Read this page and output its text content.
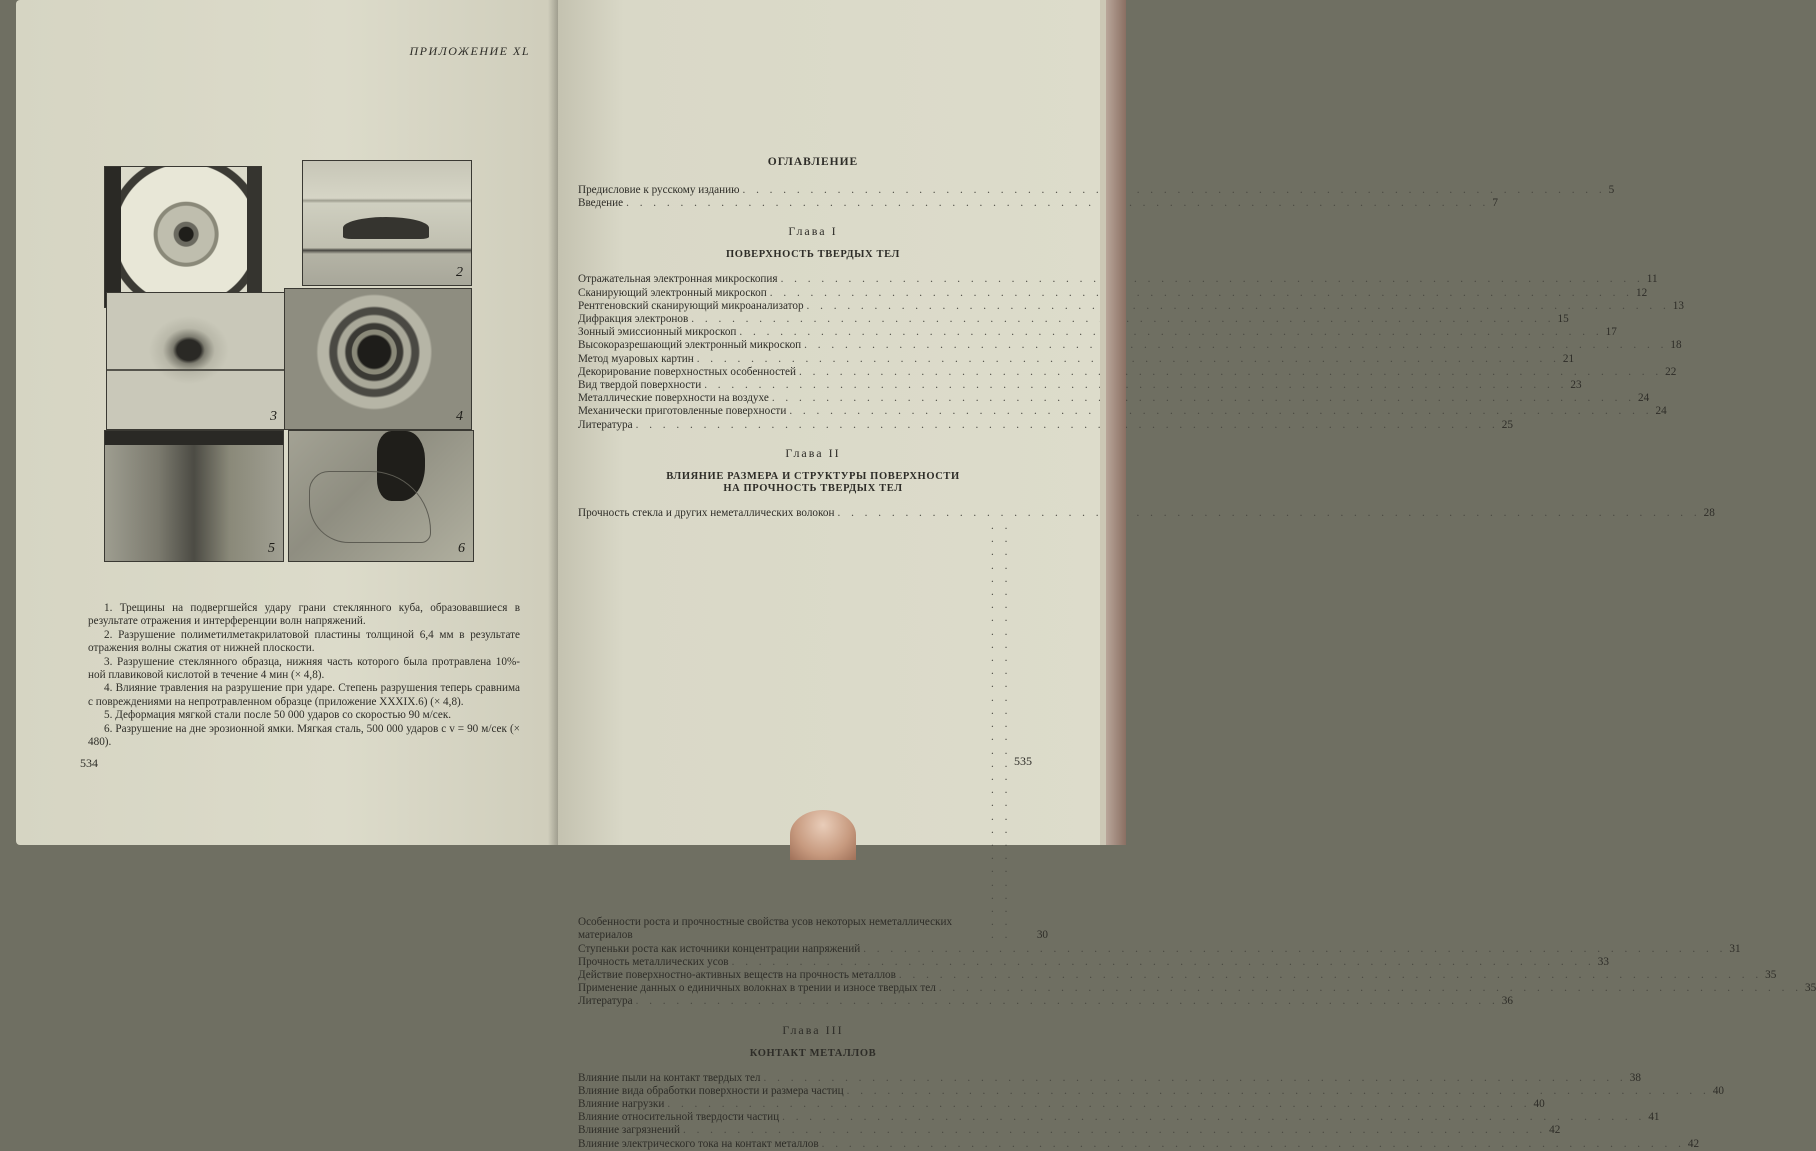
ПРИЛОЖЕНИЕ XL
2
3	4
5	6

1. Трещины на подвергшейся удару грани стеклянного куба, образовавшиеся в результате отражения и интерференции волн напряжений.

2. Разрушение полиметилметакрилатовой пластины толщиной 6,4 мм в результате отражения волны сжатия от нижней плоскости.

3. Разрушение стеклянного образца, нижняя часть которого была протравлена 10%-ной плавиковой кислотой в течение 4 мин (× 4,8).

4. Влияние травления на разрушение при ударе. Степень разрушения теперь сравнима с повреждениями на непротравленном образце (приложение XXXIX.6) (× 4,8).

5. Деформация мягкой стали после 50 000 ударов со скоростью 90 м/сек.

6. Разрушение на дне эрозионной ямки. Мягкая сталь, 500 000 ударов с v = 90 м/сек (× 480).

534
ОГЛАВЛЕНИЕ
Предисловие к русскому изданию . . .	5
Введение . . .	7
Глава I
ПОВЕРХНОСТЬ ТВЕРДЫХ ТЕЛ
Отражательная электронная микроскопия . . .	11
Сканирующий электронный микроскоп . . .	12
Рентгеновский сканирующий микроанализатор . . .	13
Дифракция электронов . . .	15
Зонный эмиссионный микроскоп . . .	17
Высокоразрешающий электронный микроскоп . . .	18
Метод муаровых картин . . .	21
Декорирование поверхностных особенностей . . .	22
Вид твердой поверхности . . .	23
Металлические поверхности на воздухе . . .	24
Механически приготовленные поверхности . . .	24
Литература . . .	25
Глава II
ВЛИЯНИЕ РАЗМЕРА И СТРУКТУРЫ ПОВЕРХНОСТИ
НА ПРОЧНОСТЬ ТВЕРДЫХ ТЕЛ
Прочность стекла и других неметаллических волокон . . .	28
Особенности роста и прочностные свойства усов некоторых неметаллических материалов . . .	30
Ступеньки роста как источники концентрации напряжений . . .	31
Прочность металлических усов . . .	33
Действие поверхностно-активных веществ на прочность металлов . . .	35
Применение данных о единичных волокнах в трении и износе твердых тел . . .	35
Литература . . .	36
Глава III
КОНТАКТ МЕТАЛЛОВ
Влияние пыли на контакт твердых тел . . .	38
Влияние вида обработки поверхности и размера частиц . . .	40
Влияние нагрузки . . .	40
Влияние относительной твердости частиц . . .	41
Влияние загрязнений . . .	42
Влияние электрического тока на контакт металлов . . .	42
535
